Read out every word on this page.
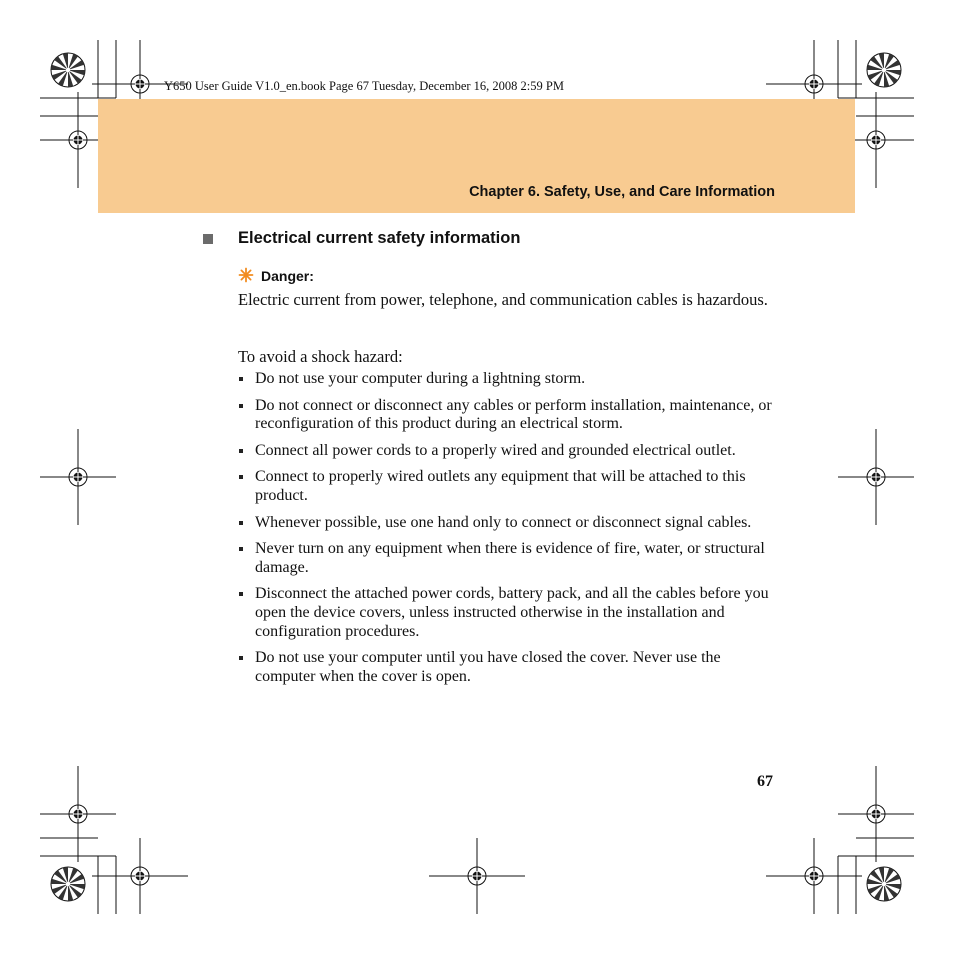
Y650 User Guide V1.0_en.book Page 67 Tuesday, December 16, 2008 2:59 PM
Chapter 6. Safety, Use, and Care Information
Electrical current safety information
Danger:

Electric current from power, telephone, and communication cables is hazardous.

To avoid a shock hazard:

Do not use your computer during a lightning storm.
Do not connect or disconnect any cables or perform installation, maintenance, or reconfiguration of this product during an electrical storm.
Connect all power cords to a properly wired and grounded electrical outlet.
Connect to properly wired outlets any equipment that will be attached to this product.
Whenever possible, use one hand only to connect or disconnect signal cables.
Never turn on any equipment when there is evidence of fire, water, or structural damage.
Disconnect the attached power cords, battery pack, and all the cables before you open the device covers, unless instructed otherwise in the installation and configuration procedures.
Do not use your computer until you have closed the cover. Never use the computer when the cover is open.
67
